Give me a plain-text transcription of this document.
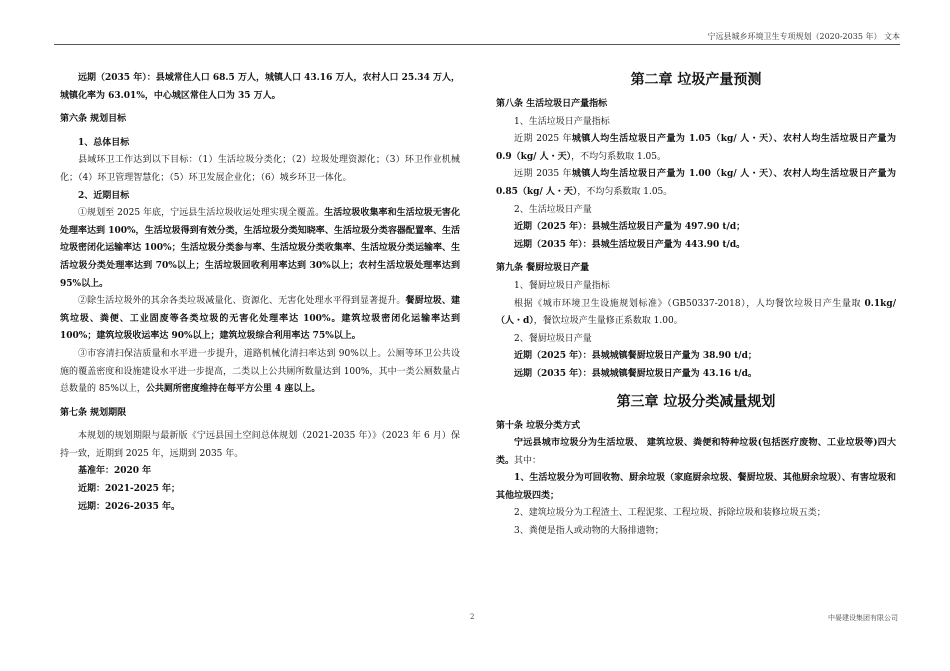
宁远县城乡环境卫生专项规划（2020-2035 年） 文本

远期（2035 年）：县域常住人口 68.5 万人，城镇人口 43.16 万人，农村人口 25.34 万人，城镇化率为 63.01%，中心城区常住人口为 35 万人。

第六条 规划目标

1、总体目标

县域环卫工作达到以下目标：（1）生活垃圾分类化；（2）垃圾处理资源化；（3）环卫作业机械化；（4）环卫管理智慧化；（5）环卫发展企业化；（6）城乡环卫一体化。

2、近期目标

①规划至 2025 年底，宁远县生活垃圾收运处理实现全覆盖。生活垃圾收集率和生活垃圾无害化处理率达到 100%，生活垃圾得到有效分类，生活垃圾分类知晓率、生活垃圾分类容器配置率、生活垃圾密闭化运输率达 100%；生活垃圾分类参与率、生活垃圾分类收集率、生活垃圾分类运输率、生活垃圾分类处理率达到 70%以上；生活垃圾回收利用率达到 30%以上；农村生活垃圾处理率达到 95%以上。

②除生活垃圾外的其余各类垃圾减量化、资源化、无害化处理水平得到显著提升。餐厨垃圾、建筑垃圾、粪便、工业固废等各类垃圾的无害化处理率达 100%。建筑垃圾密闭化运输率达到 100%；建筑垃圾收运率达 90%以上；建筑垃圾综合利用率达 75%以上。

③市容清扫保洁质量和水平进一步提升，道路机械化清扫率达到 90%以上。公厕等环卫公共设施的覆盖密度和设施建设水平进一步提高，二类以上公共厕所数量达到 100%，其中一类公厕数量占总数量的 85%以上，公共厕所密度维持在每平方公里 4 座以上。

第七条 规划期限

本规划的规划期限与最新版《宁远县国土空间总体规划（2021-2035 年）》（2023 年 6 月）保持一致，近期到 2025 年，远期到 2035 年。

基准年：2020 年

近期：2021-2025 年；

远期：2026-2035 年。

第二章 垃圾产量预测

第八条 生活垃圾日产量指标

1、生活垃圾日产量指标

近期 2025 年城镇人均生活垃圾日产量为 1.05（kg/ 人・天）、农村人均生活垃圾日产量为 0.9（kg/ 人・天），不均匀系数取 1.05。

远期 2035 年城镇人均生活垃圾日产量为 1.00（kg/ 人・天）、农村人均生活垃圾日产量为 0.85（kg/ 人・天），不均匀系数取 1.05。

2、生活垃圾日产量

近期（2025 年）：县城生活垃圾日产量为 497.90 t/d；

远期（2035 年）：县城生活垃圾日产量为 443.90 t/d。

第九条 餐厨垃圾日产量

1、餐厨垃圾日产量指标

根据《城市环境卫生设施规划标准》（GB50337-2018），人均餐饮垃圾日产生量取 0.1kg/（人・d），餐饮垃圾产生量修正系数取 1.00。

2、餐厨垃圾日产量

近期（2025 年）：县城城镇餐厨垃圾日产量为 38.90 t/d；

远期（2035 年）：县城城镇餐厨垃圾日产量为 43.16 t/d。

第三章 垃圾分类减量规划

第十条 垃圾分类方式

宁远县城市垃圾分为生活垃圾、 建筑垃圾、粪便和特种垃圾(包括医疗废物、工业垃圾等)四大类。其中：

1、生活垃圾分为可回收物、厨余垃圾（家庭厨余垃圾、餐厨垃圾、其他厨余垃圾）、有害垃圾和其他垃圾四类；

2、建筑垃圾分为工程渣土、工程泥浆、工程垃圾、拆除垃圾和装修垃圾五类；

3、粪便是指人或动物的大肠排遗物；

2	中晏建设集团有限公司
